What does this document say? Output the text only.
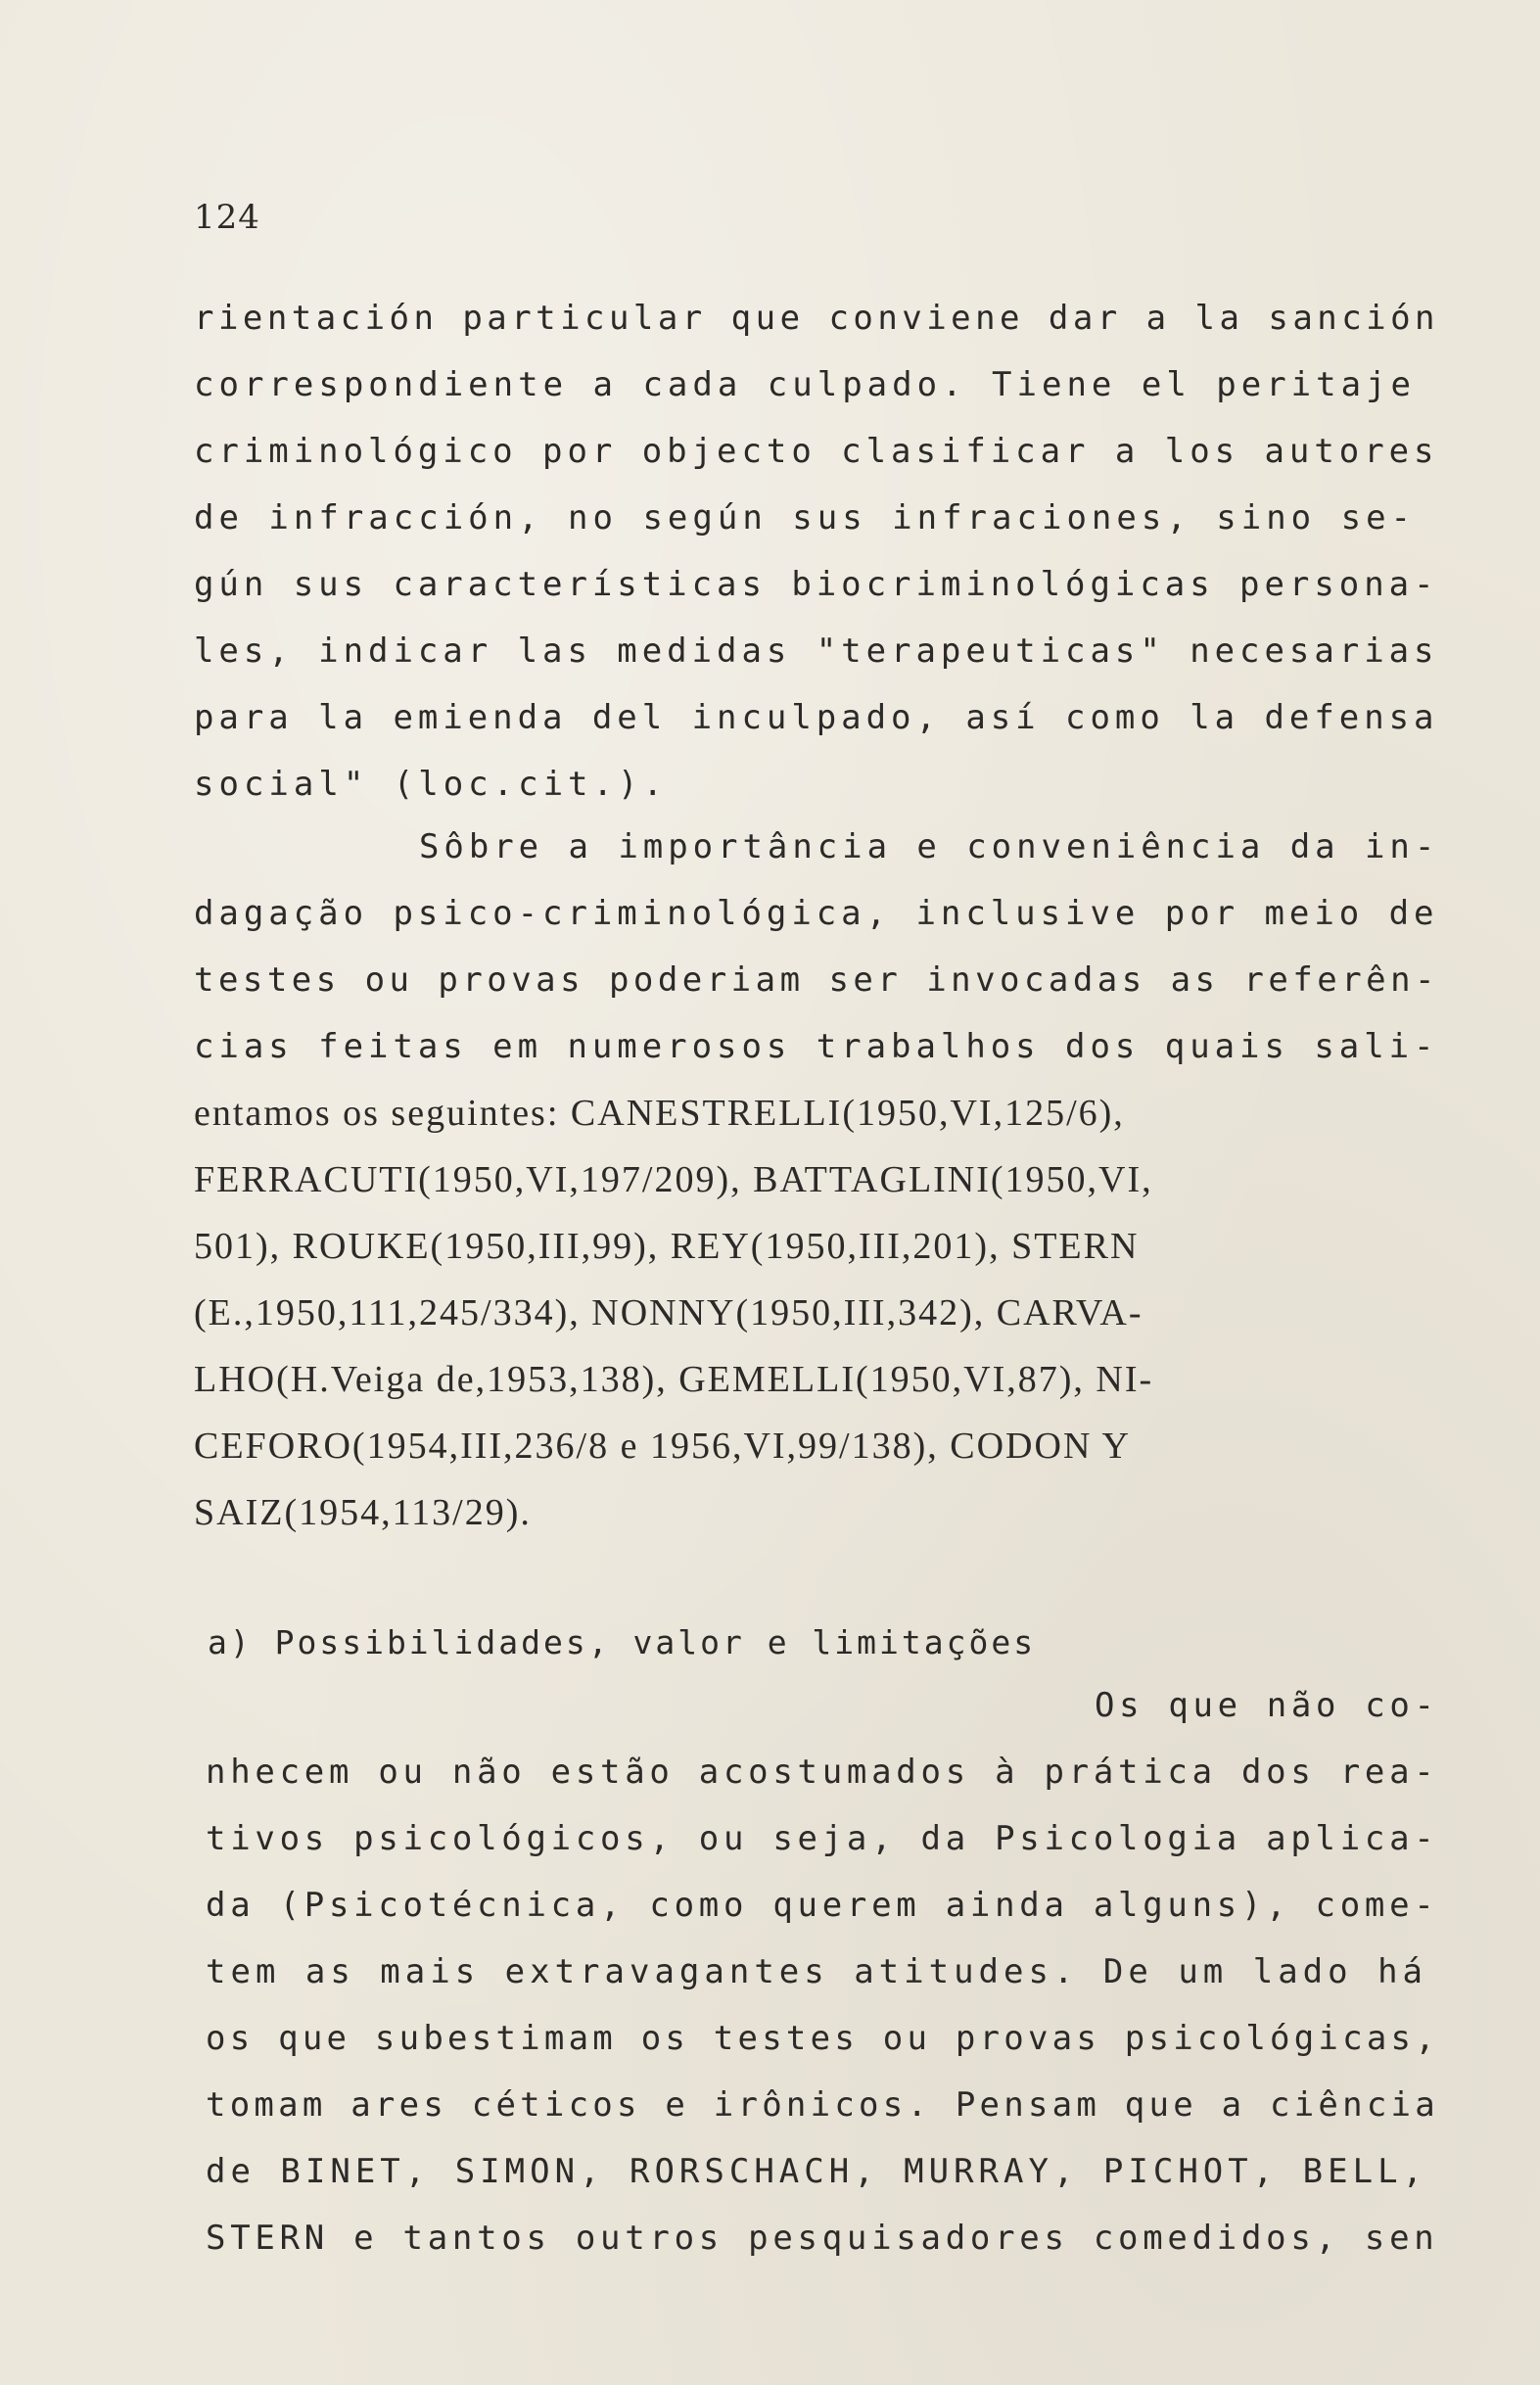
124
rientación particular que conviene dar a la sanción
correspondiente a cada culpado. Tiene el peritaje
criminológico por objecto clasificar a los autores
de infracción, no según sus infraciones, sino se-
gún sus características biocriminológicas persona-
les, indicar las medidas "terapeuticas" necesarias
para la emienda del inculpado, así como la defensa
social" (loc.cit.).
Sôbre a importância e conveniência da in-
dagação psico-criminológica, inclusive por meio de
testes ou provas poderiam ser invocadas as referên-
cias feitas em numerosos trabalhos dos quais sali-
entamos os seguintes: CANESTRELLI(1950,VI,125/6),
FERRACUTI(1950,VI,197/209), BATTAGLINI(1950,VI,
501), ROUKE(1950,III,99), REY(1950,III,201), STERN
(E.,1950,111,245/334), NONNY(1950,III,342), CARVA-
LHO(H.Veiga de,1953,138), GEMELLI(1950,VI,87), NI-
CEFORO(1954,III,236/8 e 1956,VI,99/138), CODON Y
SAIZ(1954,113/29).
a) Possibilidades, valor e limitações
Os que não co-
nhecem ou não estão acostumados à prática dos rea-
tivos psicológicos, ou seja, da Psicologia aplica-
da (Psicotécnica, como querem ainda alguns), come-
tem as mais extravagantes atitudes. De um lado há
os que subestimam os testes ou provas psicológicas,
tomam ares céticos e irônicos. Pensam que a ciência
de BINET, SIMON, RORSCHACH, MURRAY, PICHOT, BELL,
STERN e tantos outros pesquisadores comedidos, sen
